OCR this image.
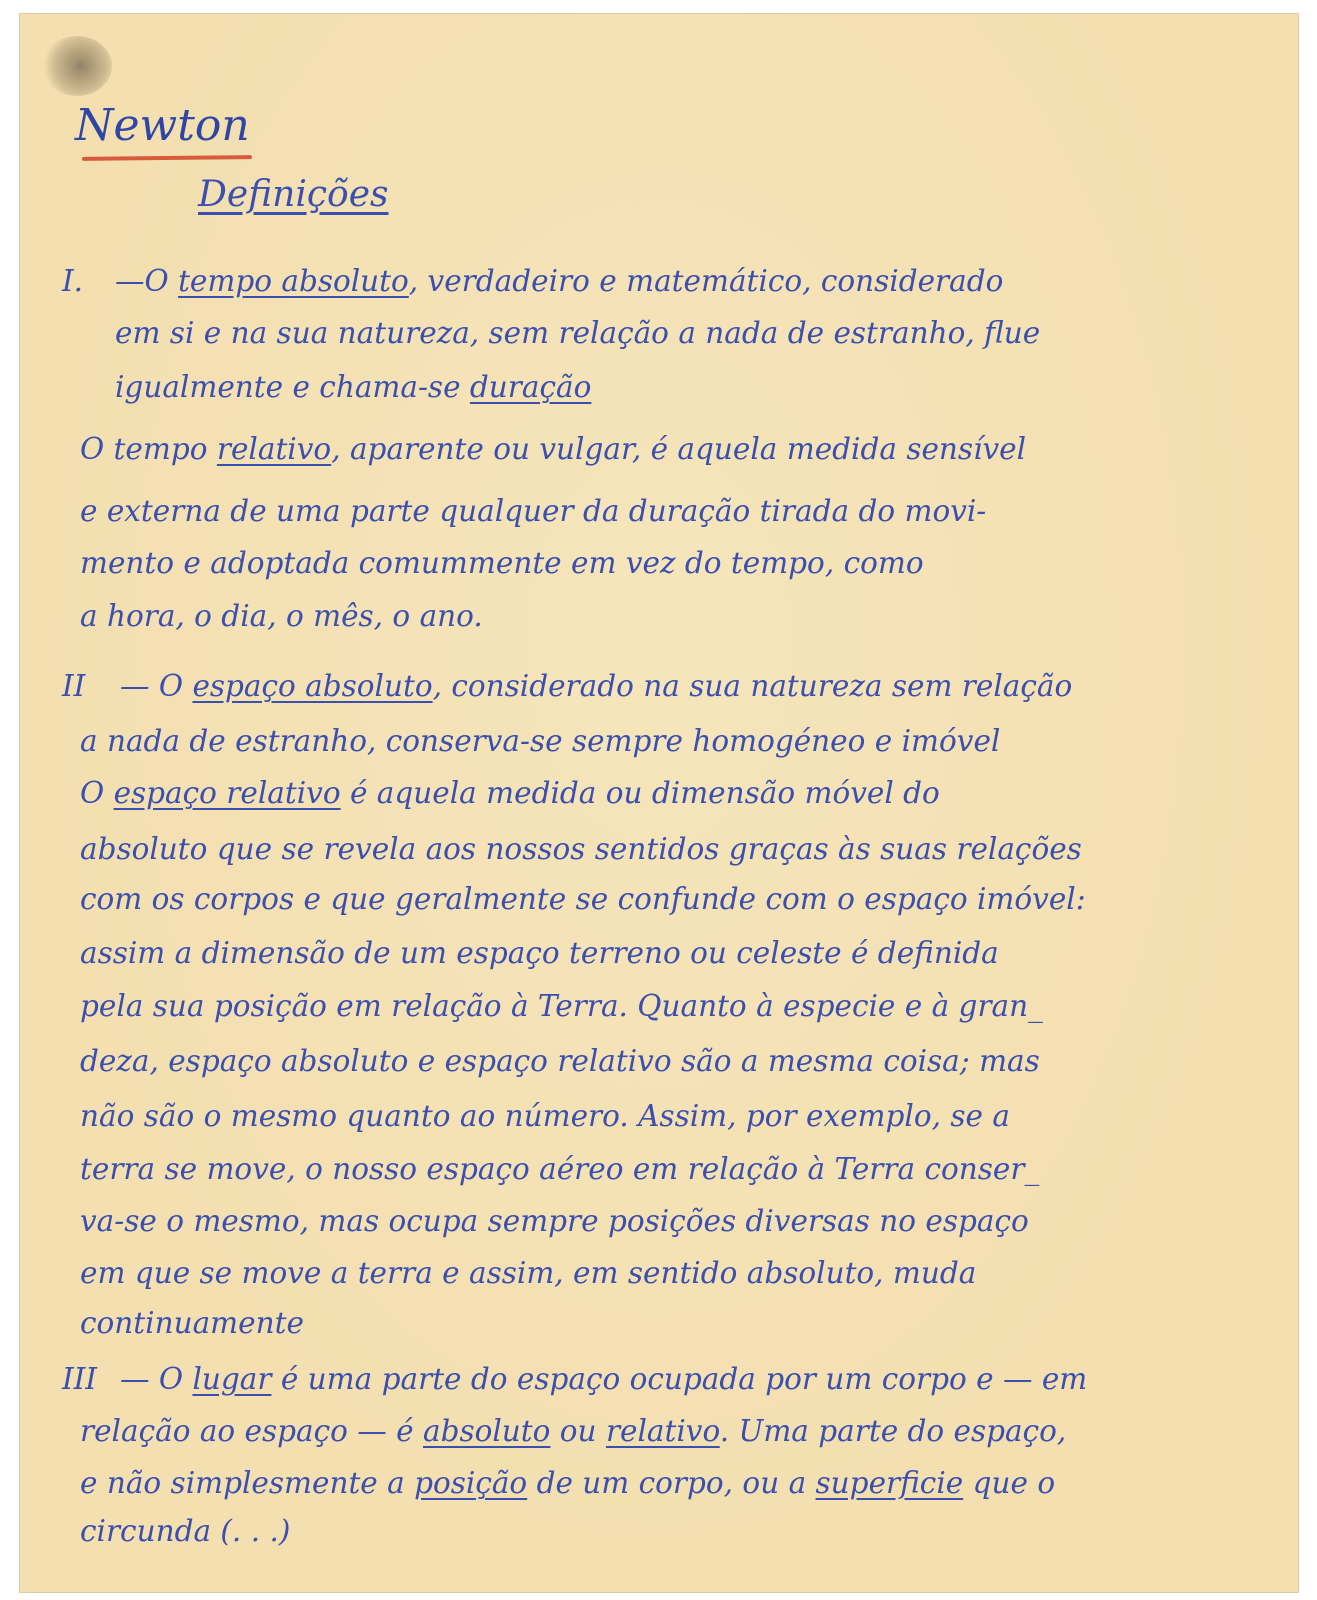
Newton
Definições
I. —O tempo absoluto, verdadeiro e matemático, considerado
em si e na sua natureza, sem relação a nada de estranho, flue
igualmente e chama-se duração
O tempo relativo, aparente ou vulgar, é aquela medida sensível
e externa de uma parte qualquer da duração tirada do movi-
mento e adoptada comummente em vez do tempo, como
a hora, o dia, o mês, o ano.
II — O espaço absoluto, considerado na sua natureza sem relação
a nada de estranho, conserva-se sempre homogéneo e imóvel
O espaço relativo é aquela medida ou dimensão móvel do
absoluto que se revela aos nossos sentidos graças às suas relações
com os corpos e que geralmente se confunde com o espaço imóvel:
assim a dimensão de um espaço terreno ou celeste é definida
pela sua posição em relação à Terra. Quanto à especie e à gran_
deza, espaço absoluto e espaço relativo são a mesma coisa; mas
não são o mesmo quanto ao número. Assim, por exemplo, se a
terra se move, o nosso espaço aéreo em relação à Terra conser_
va-se o mesmo, mas ocupa sempre posições diversas no espaço
em que se move a terra e assim, em sentido absoluto, muda
continuamente
III — O lugar é uma parte do espaço ocupada por um corpo e — em
relação ao espaço — é absoluto ou relativo. Uma parte do espaço,
e não simplesmente a posição de um corpo, ou a superficie que o
circunda (. . .)
